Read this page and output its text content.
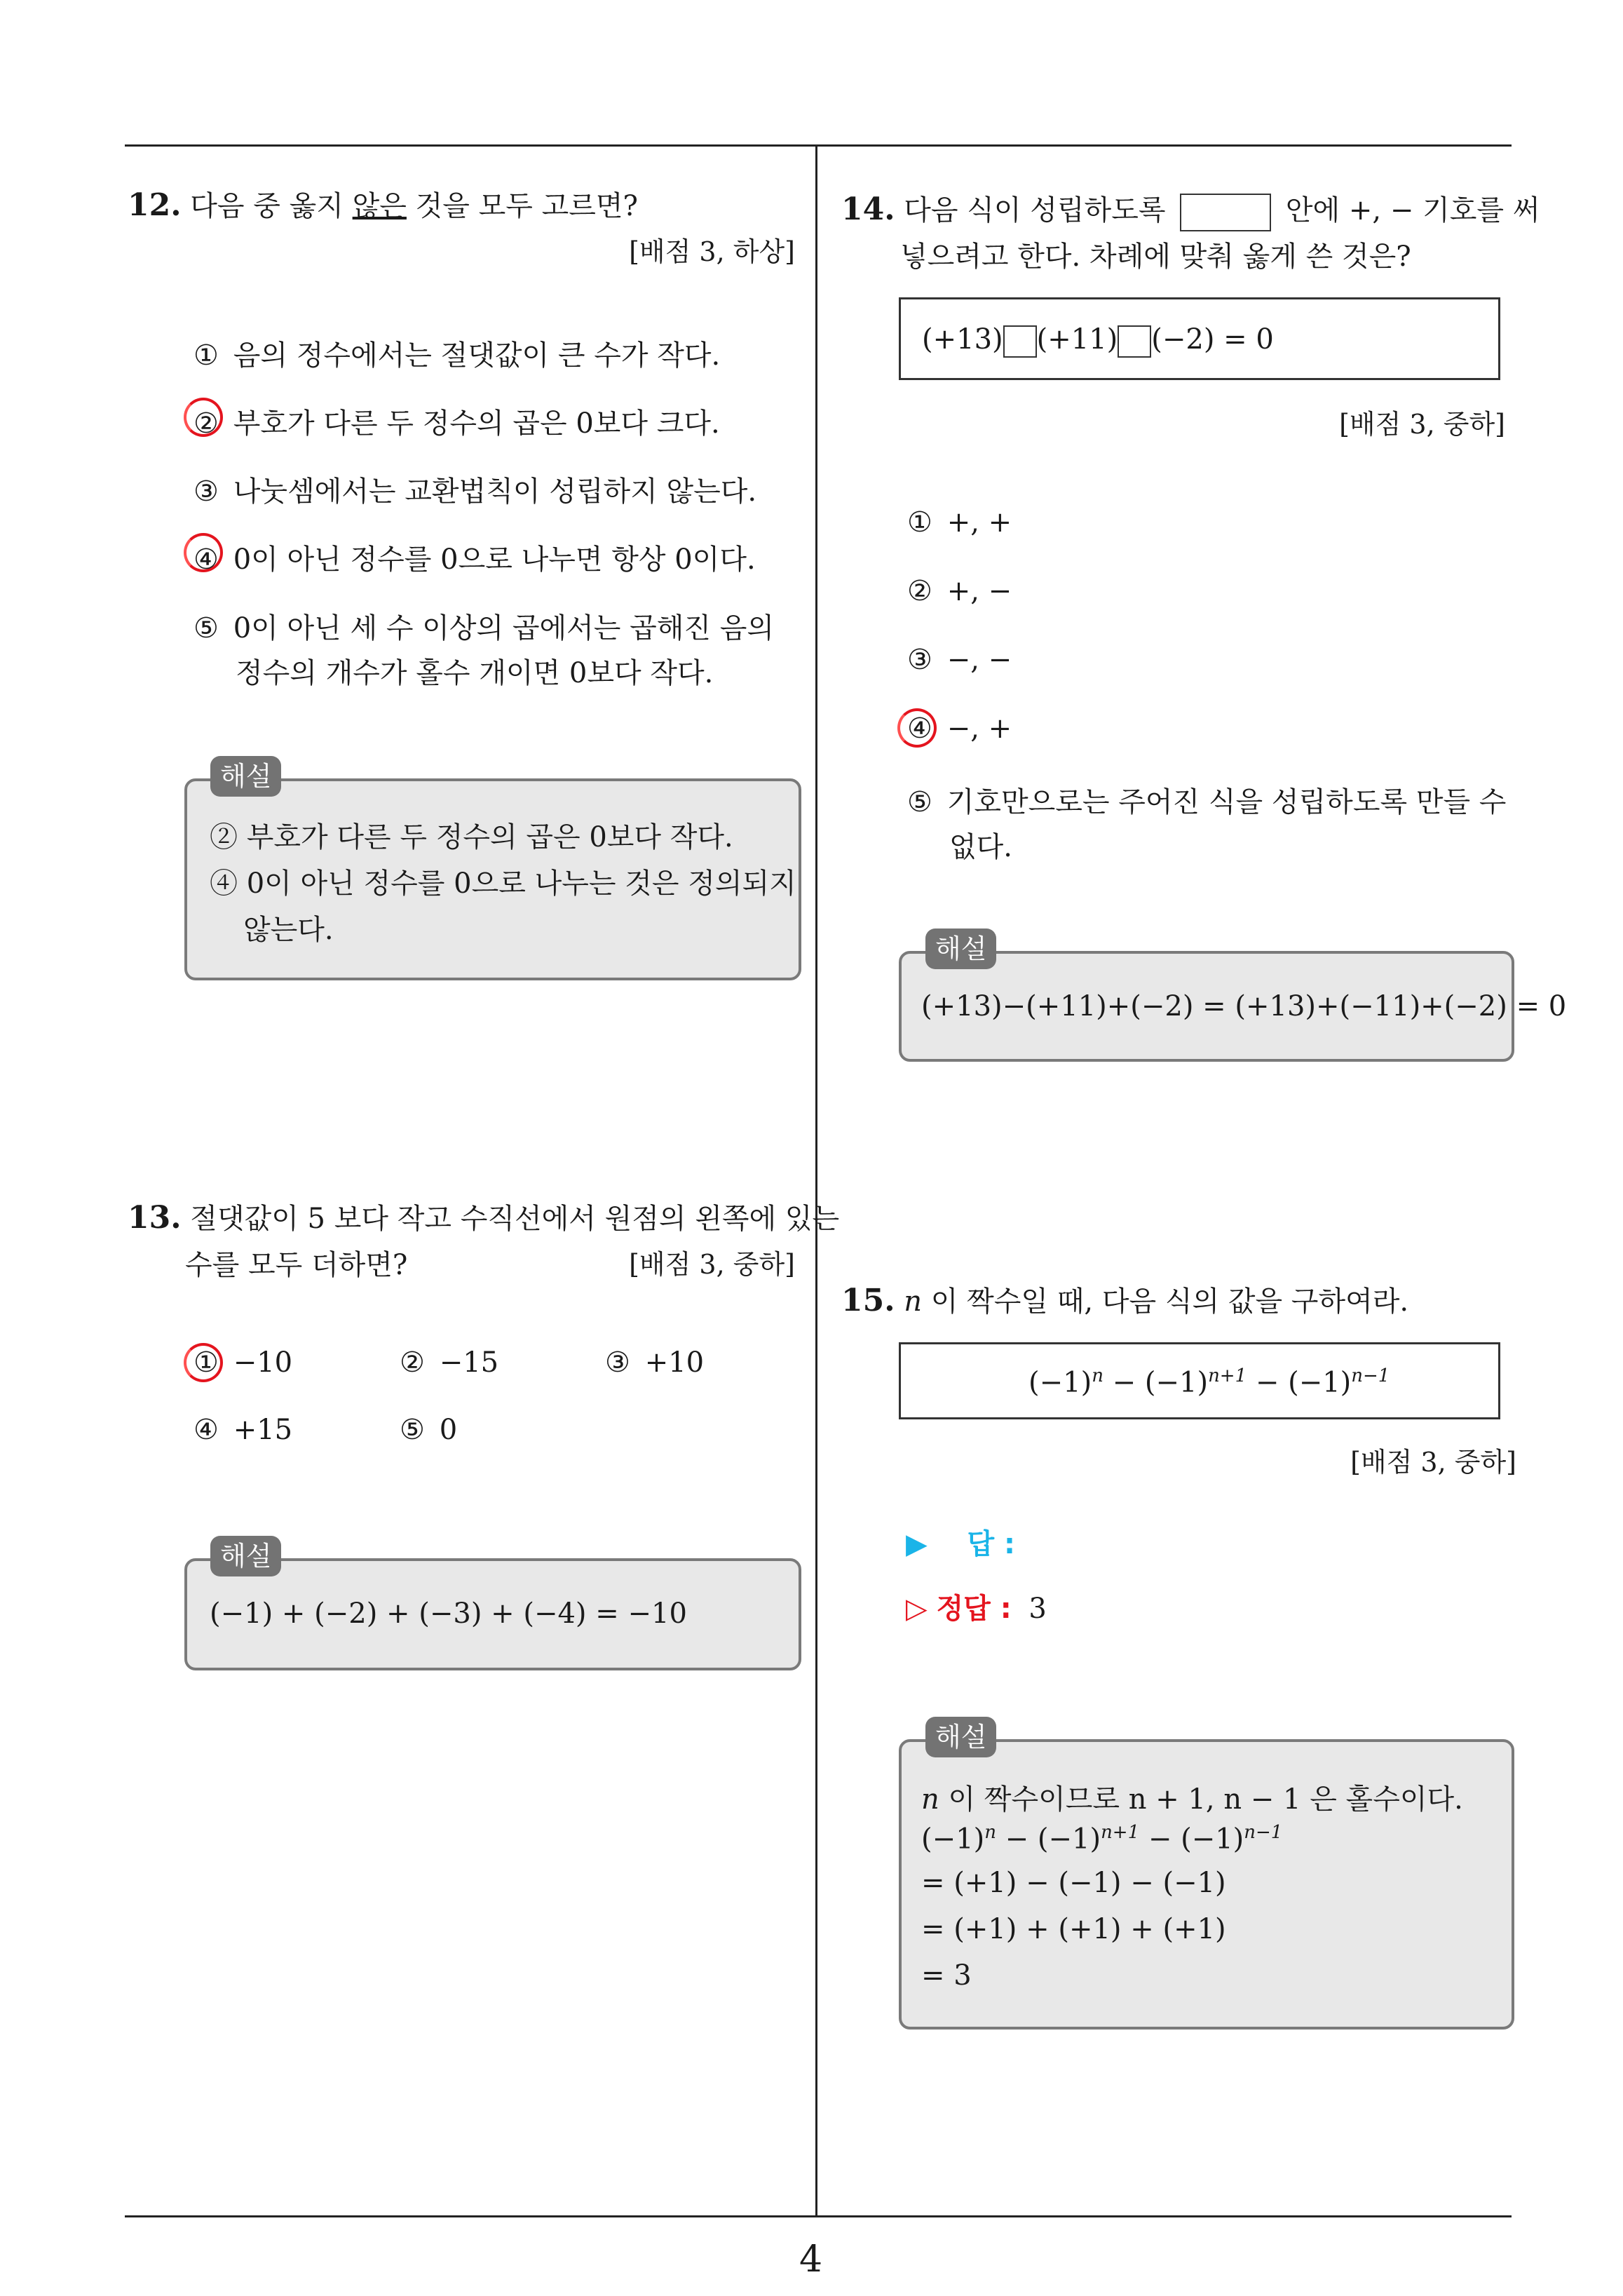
12. 다음 중 옳지 않은 것을 모두 고르면?
[배점 3, 하상]
① 음의 정수에서는 절댓값이 큰 수가 작다.
② 부호가 다른 두 정수의 곱은 0보다 크다.
③ 나눗셈에서는 교환법칙이 성립하지 않는다.
④ 0이 아닌 정수를 0으로 나누면 항상 0이다.
⑤ 0이 아닌 세 수 이상의 곱에서는 곱해진 음의
정수의 개수가 홀수 개이면 0보다 작다.
② 부호가 다른 두 정수의 곱은 0보다 작다.
④ 0이 아닌 정수를 0으로 나누는 것은 정의되지
않는다.
해설
13. 절댓값이 5 보다 작고 수직선에서 원점의 왼쪽에 있는
수를 모두 더하면?	[배점 3, 중하]
① −10	② −15	③ +10
④ +15	⑤ 0
(−1) + (−2) + (−3) + (−4) = −10
해설
14. 다음 식이 성립하도록	안에 +, − 기호를 써
넣으려고 한다. 차례에 맞춰 옳게 쓴 것은?
(+13) (+11) (−2) = 0
[배점 3, 중하]
① +, +
② +, −
③ −, −
④ −, +
⑤ 기호만으로는 주어진 식을 성립하도록 만들 수
없다.
(+13)−(+11)+(−2) = (+13)+(−11)+(−2) = 0
해설
15. n 이 짝수일 때, 다음 식의 값을 구하여라.
$(-1)^n - (-1)^{n+1} - (-1)^{n-1}$
[배점 3, 중하]
▶ 답 :
▷ 정답 : 3
n 이 짝수이므로 n + 1, n − 1 은 홀수이다.
$(-1)^n - (-1)^{n+1} - (-1)^{n-1}$
= (+1) − (−1) − (−1)
= (+1) + (+1) + (+1)
= 3
해설
4
